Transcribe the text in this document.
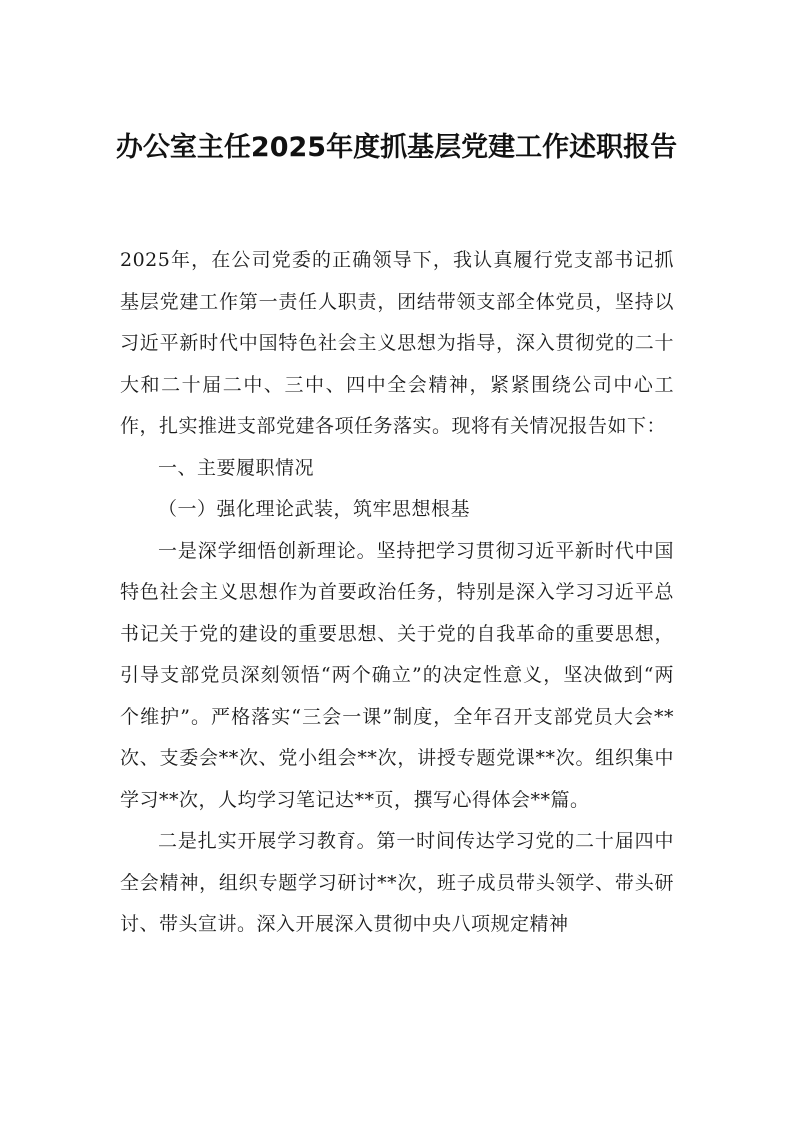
办公室主任2025年度抓基层党建工作述职报告

2025年，在公司党委的正确领导下，我认真履行党支部书记抓基层党建工作第一责任人职责，团结带领支部全体党员，坚持以习近平新时代中国特色社会主义思想为指导，深入贯彻党的二十大和二十届二中、三中、四中全会精神，紧紧围绕公司中心工作，扎实推进支部党建各项任务落实。现将有关情况报告如下：

一、主要履职情况

（一）强化理论武装，筑牢思想根基

一是深学细悟创新理论。坚持把学习贯彻习近平新时代中国特色社会主义思想作为首要政治任务，特别是深入学习习近平总书记关于党的建设的重要思想、关于党的自我革命的重要思想，引导支部党员深刻领悟“两个确立”的决定性意义，坚决做到“两个维护”。严格落实“三会一课”制度，全年召开支部党员大会**次、支委会**次、党小组会**次，讲授专题党课**次。组织集中学习**次，人均学习笔记达**页，撰写心得体会**篇。

二是扎实开展学习教育。第一时间传达学习党的二十届四中全会精神，组织专题学习研讨**次，班子成员带头领学、带头研讨、带头宣讲。深入开展深入贯彻中央八项规定精神
